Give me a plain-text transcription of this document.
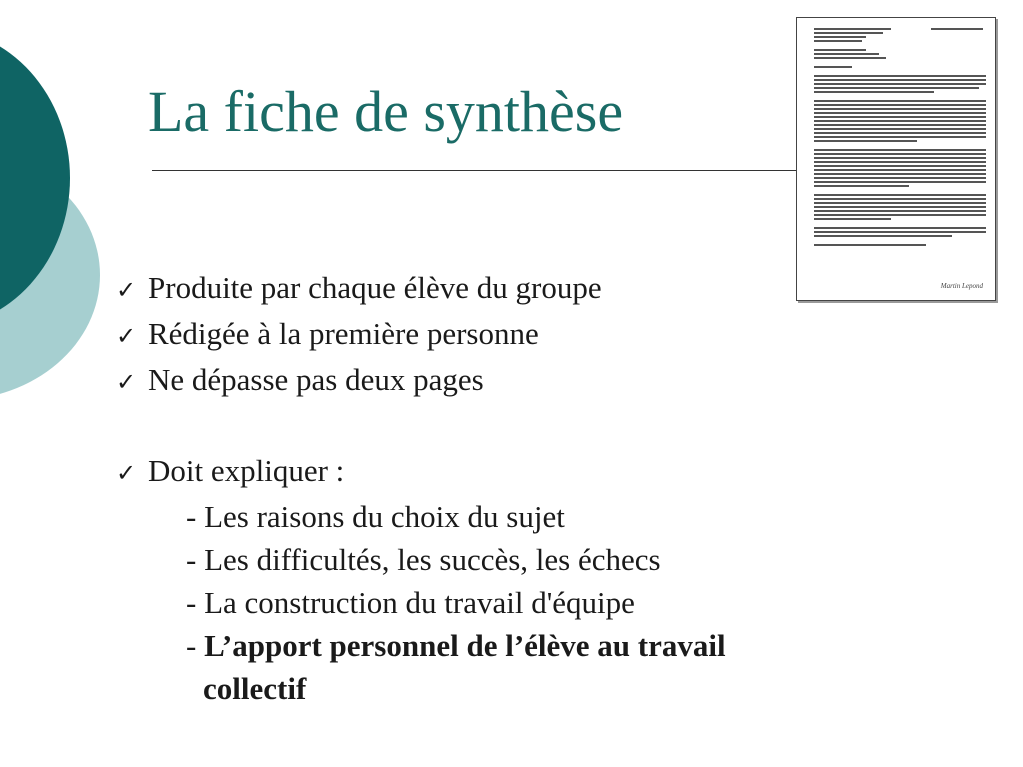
La fiche de synthèse
Martin Lepond
✓ Produite par chaque élève du groupe
✓ Rédigée à la première personne
✓ Ne dépasse pas deux pages
✓ Doit expliquer :
- Les raisons du choix du sujet
- Les difficultés, les succès, les échecs
- La construction du travail d'équipe
- L’apport personnel de l’élève au travail
collectif
